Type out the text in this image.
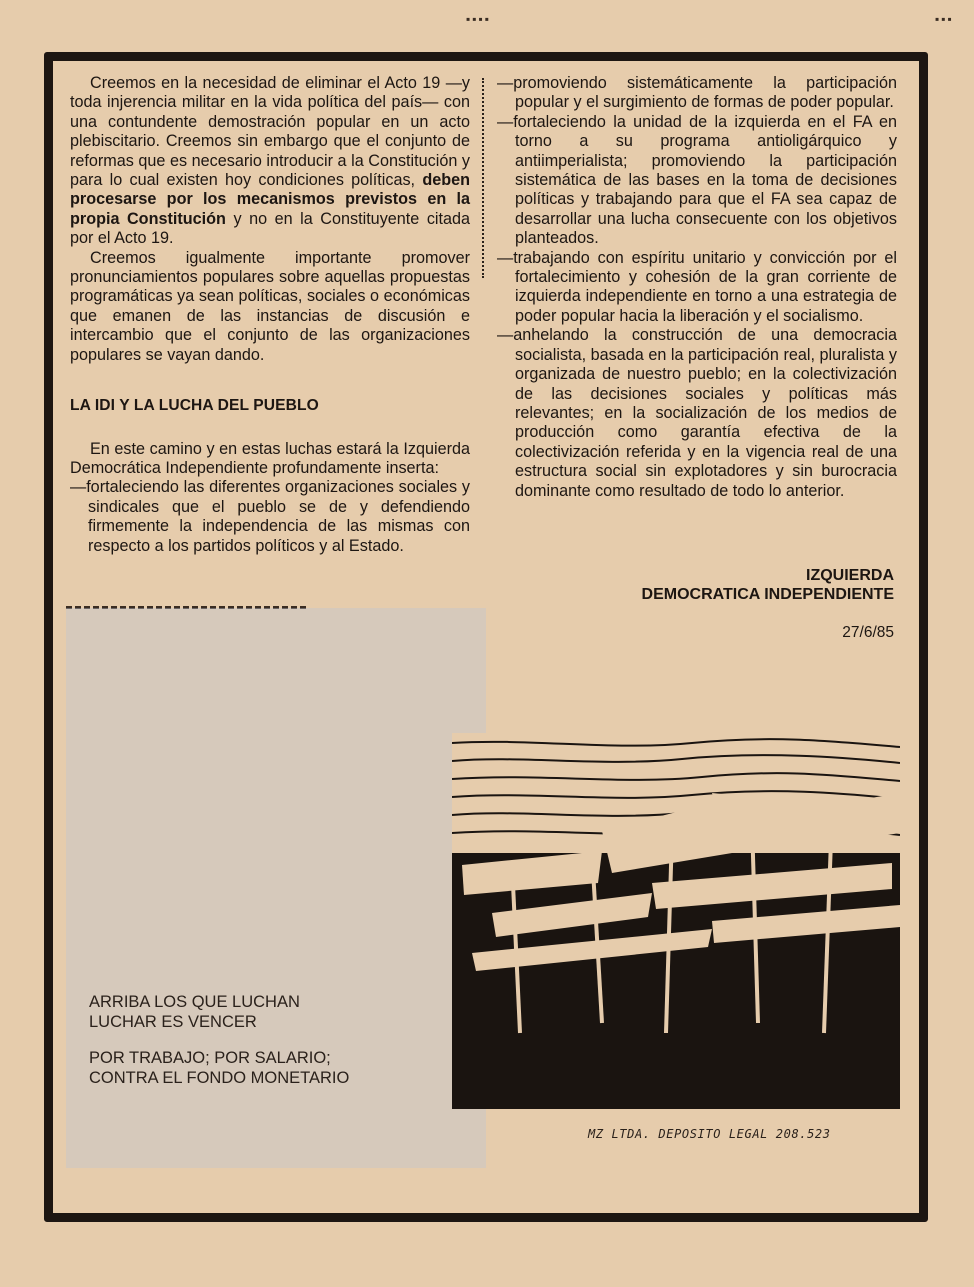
▪▪▪▪	▪▪▪

Creemos en la necesidad de eliminar el Acto 19 —y toda injerencia militar en la vida política del país— con una contundente demostración popular en un acto plebiscitario. Creemos sin embargo que el conjunto de reformas que es necesario introducir a la Constitución y para lo cual existen hoy condiciones políticas, deben procesarse por los mecanismos previstos en la propia Constitución y no en la Constituyente citada por el Acto 19.

Creemos igualmente importante promover pronunciamientos populares sobre aquellas propuestas programáticas ya sean políticas, sociales o económicas que emanen de las instancias de discusión e intercambio que el conjunto de las organizaciones populares se vayan dando.

LA IDI Y LA LUCHA DEL PUEBLO

En este camino y en estas luchas estará la Izquierda Democrática Independiente profundamente inserta:

—fortaleciendo las diferentes organizaciones sociales y sindicales que el pueblo se de y defendiendo firmemente la independencia de las mismas con respecto a los partidos políticos y al Estado.

—promoviendo sistemáticamente la participación popular y el surgimiento de formas de poder popular.

—fortaleciendo la unidad de la izquierda en el FA en torno a su programa antioligárquico y antiimperialista; promoviendo la participación sistemática de las bases en la toma de decisiones políticas y trabajando para que el FA sea capaz de desarrollar una lucha consecuente con los objetivos planteados.

—trabajando con espíritu unitario y convicción por el fortalecimiento y cohesión de la gran corriente de izquierda independiente en torno a una estrategia de poder popular hacia la liberación y el socialismo.

—anhelando la construcción de una democracia socialista, basada en la participación real, pluralista y organizada de nuestro pueblo; en la colectivización de las decisiones sociales y políticas más relevantes; en la socialización de los medios de producción como garantía efectiva de la colectivización referida y en la vigencia real de una estructura social sin explotadores y sin burocracia dominante como resultado de todo lo anterior.

IZQUIERDA
DEMOCRATICA INDEPENDIENTE
27/6/85

ARRIBA LOS QUE LUCHAN

LUCHAR ES VENCER

POR TRABAJO; POR SALARIO;

CONTRA EL FONDO MONETARIO

MZ LTDA. DEPOSITO LEGAL 208.523
